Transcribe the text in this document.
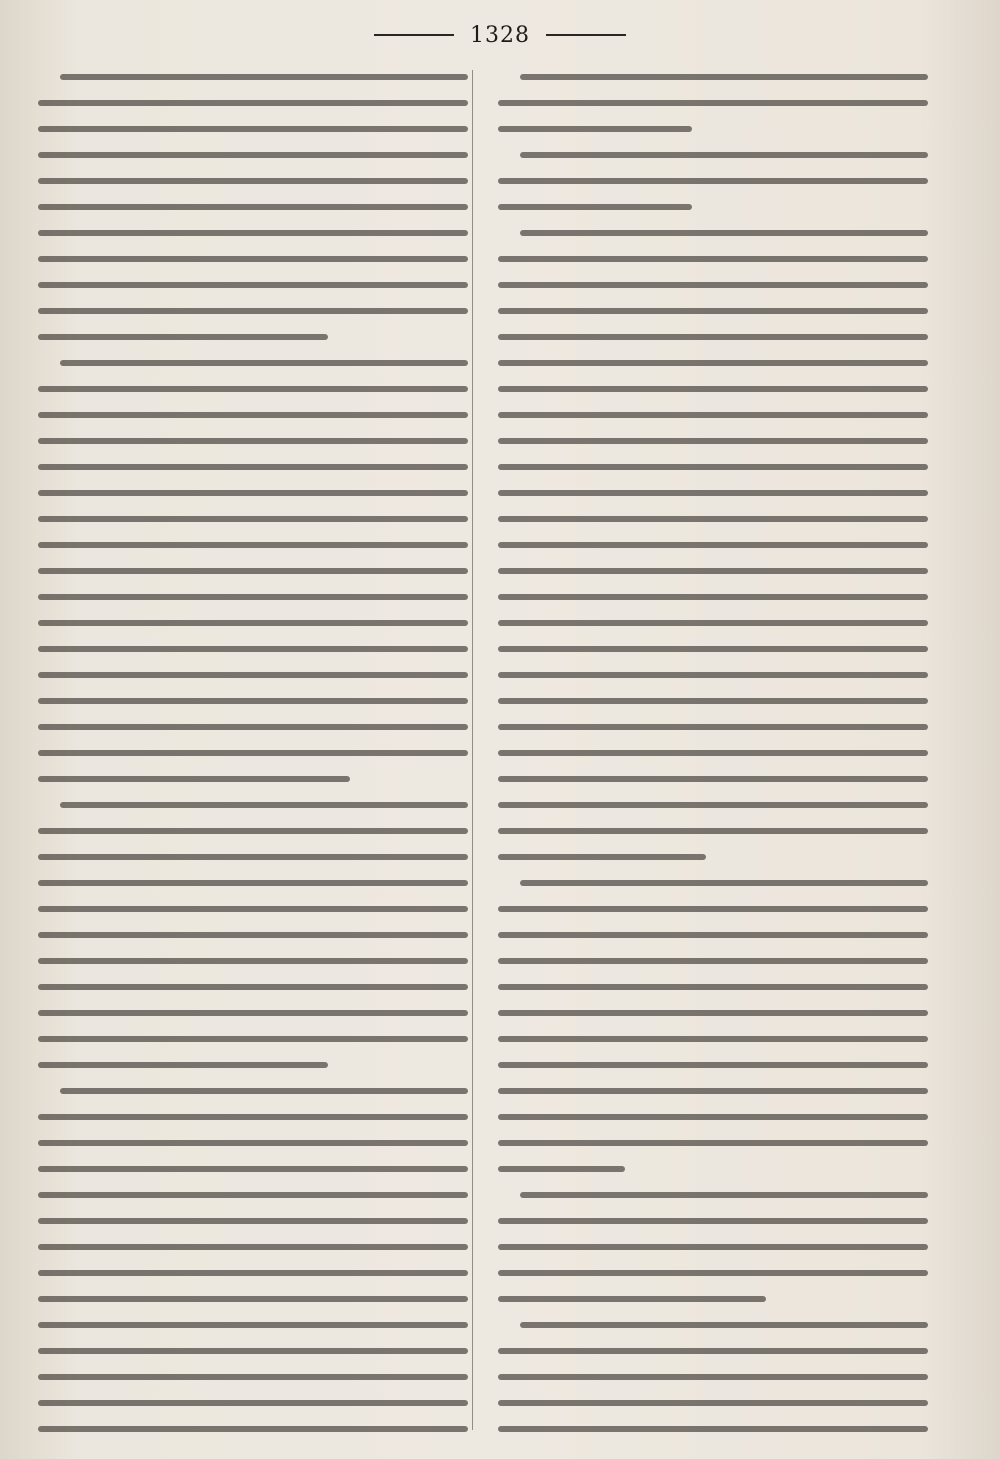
1328
